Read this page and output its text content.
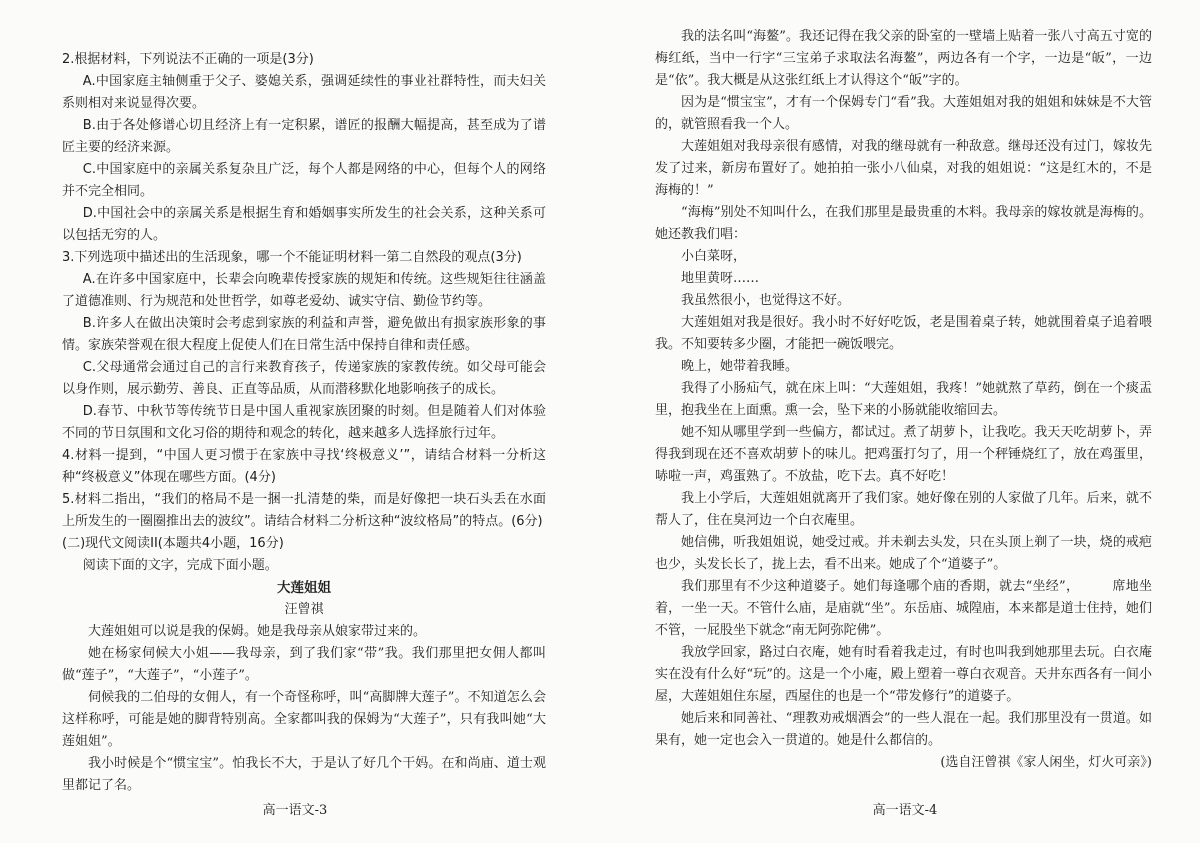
2.根据材料，下列说法不正确的一项是(3分)

A.中国家庭主轴侧重于父子、婆媳关系，强调延续性的事业社群特性，而夫妇关系则相对来说显得次要。

B.由于各处修谱心切且经济上有一定积累，谱匠的报酬大幅提高，甚至成为了谱匠主要的经济来源。

C.中国家庭中的亲属关系复杂且广泛，每个人都是网络的中心，但每个人的网络并不完全相同。

D.中国社会中的亲属关系是根据生育和婚姻事实所发生的社会关系，这种关系可以包括无穷的人。

3.下列选项中描述出的生活现象，哪一个不能证明材料一第二自然段的观点(3分)

A.在许多中国家庭中，长辈会向晚辈传授家族的规矩和传统。这些规矩往往涵盖了道德准则、行为规范和处世哲学，如尊老爱幼、诚实守信、勤俭节约等。

B.许多人在做出决策时会考虑到家族的利益和声誉，避免做出有损家族形象的事情。家族荣誉观在很大程度上促使人们在日常生活中保持自律和责任感。

C.父母通常会通过自己的言行来教育孩子，传递家族的家教传统。如父母可能会以身作则，展示勤劳、善良、正直等品质，从而潜移默化地影响孩子的成长。

D.春节、中秋节等传统节日是中国人重视家族团聚的时刻。但是随着人们对体验不同的节日氛围和文化习俗的期待和观念的转化，越来越多人选择旅行过年。

4.材料一提到，“中国人更习惯于在家族中寻找‘终极意义’”，请结合材料一分析这种“终极意义”体现在哪些方面。(4分)

5.材料二指出，“我们的格局不是一捆一扎清楚的柴，而是好像把一块石头丢在水面上所发生的一圈圈推出去的波纹”。请结合材料二分析这种“波纹格局”的特点。(6分)

(二)现代文阅读II(本题共4小题，16分)

阅读下面的文字，完成下面小题。

大莲姐姐

汪曾祺

大莲姐姐可以说是我的保姆。她是我母亲从娘家带过来的。

她在杨家伺候大小姐——我母亲，到了我们家“带”我。我们那里把女佣人都叫做“莲子”，“大莲子”，“小莲子”。

伺候我的二伯母的女佣人，有一个奇怪称呼，叫“高脚牌大莲子”。不知道怎么会这样称呼，可能是她的脚背特别高。全家都叫我的保姆为“大莲子”，只有我叫她“大莲姐姐”。

我小时候是个“惯宝宝”。怕我长不大，于是认了好几个干妈。在和尚庙、道士观里都记了名。

高一语文-3

我的法名叫“海鳌”。我还记得在我父亲的卧室的一壁墙上贴着一张八寸高五寸宽的梅红纸，当中一行字“三宝弟子求取法名海鳌”，两边各有一个字，一边是“皈”，一边是“依”。我大概是从这张红纸上才认得这个“皈”字的。

因为是“惯宝宝”，才有一个保姆专门“看”我。大莲姐姐对我的姐姐和妹妹是不大管的，就管照看我一个人。

大莲姐姐对我母亲很有感情，对我的继母就有一种敌意。继母还没有过门，嫁妆先发了过来，新房布置好了。她拍拍一张小八仙桌，对我的姐姐说：“这是红木的，不是海梅的！”

“海梅”别处不知叫什么，在我们那里是最贵重的木料。我母亲的嫁妆就是海梅的。她还教我们唱：

小白菜呀，

地里黄呀……

我虽然很小，也觉得这不好。

大莲姐姐对我是很好。我小时不好好吃饭，老是围着桌子转，她就围着桌子追着喂我。不知要转多少圈，才能把一碗饭喂完。

晚上，她带着我睡。

我得了小肠疝气，就在床上叫：“大莲姐姐，我疼！”她就熬了草药，倒在一个痰盂里，抱我坐在上面熏。熏一会，坠下来的小肠就能收缩回去。

她不知从哪里学到一些偏方，都试过。煮了胡萝卜，让我吃。我天天吃胡萝卜，弄得我到现在还不喜欢胡萝卜的味儿。把鸡蛋打匀了，用一个秤锤烧红了，放在鸡蛋里，哧啦一声，鸡蛋熟了。不放盐，吃下去。真不好吃！

我上小学后，大莲姐姐就离开了我们家。她好像在别的人家做了几年。后来，就不帮人了，住在臭河边一个白衣庵里。

她信佛，听我姐姐说，她受过戒。并未剃去头发，只在头顶上剃了一块，烧的戒疤也少，头发长长了，拢上去，看不出来。她成了个“道婆子”。

我们那里有不少这种道婆子。她们每逢哪个庙的香期，就去“坐经”，　　　席地坐着，一坐一天。不管什么庙，是庙就“坐”。东岳庙、城隍庙，本来都是道士住持，她们不管，一屁股坐下就念“南无阿弥陀佛”。

我放学回家，路过白衣庵，她有时看着我走过，有时也叫我到她那里去玩。白衣庵实在没有什么好“玩”的。这是一个小庵，殿上塑着一尊白衣观音。天井东西各有一间小屋，大莲姐姐住东屋，西屋住的也是一个“带发修行”的道婆子。

她后来和同善社、“理教劝戒烟酒会”的一些人混在一起。我们那里没有一贯道。如果有，她一定也会入一贯道的。她是什么都信的。

(选自汪曾祺《家人闲坐，灯火可亲》)

高一语文-4
